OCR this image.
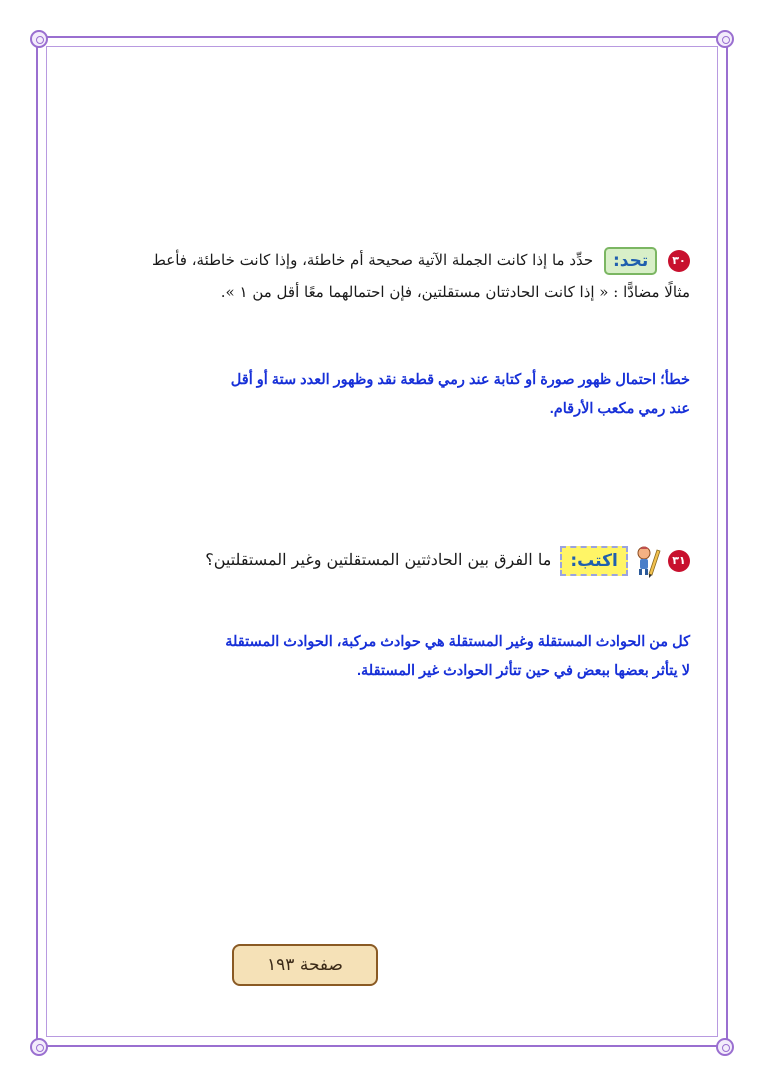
٣٠ تحد: حدِّد ما إذا كانت الجملة الآتية صحيحة أم خاطئة، وإذا كانت خاطئة، فأعط
مثالًا مضادًّا : « إذا كانت الحادثتان مستقلتين، فإن احتمالهما معًا أقل من ١ ».
خطأ؛ احتمال ظهور صورة أو كتابة عند رمي قطعة نقد وظهور العدد ستة أو أقل
عند رمي مكعب الأرقام.
٣١  اكتب: ما الفرق بين الحادثتين المستقلتين وغير المستقلتين؟
كل من الحوادث المستقلة وغير المستقلة هي حوادث مركبة، الحوادث المستقلة
لا يتأثر بعضها ببعض في حين تتأثر الحوادث غير المستقلة.
صفحة ١٩٣
